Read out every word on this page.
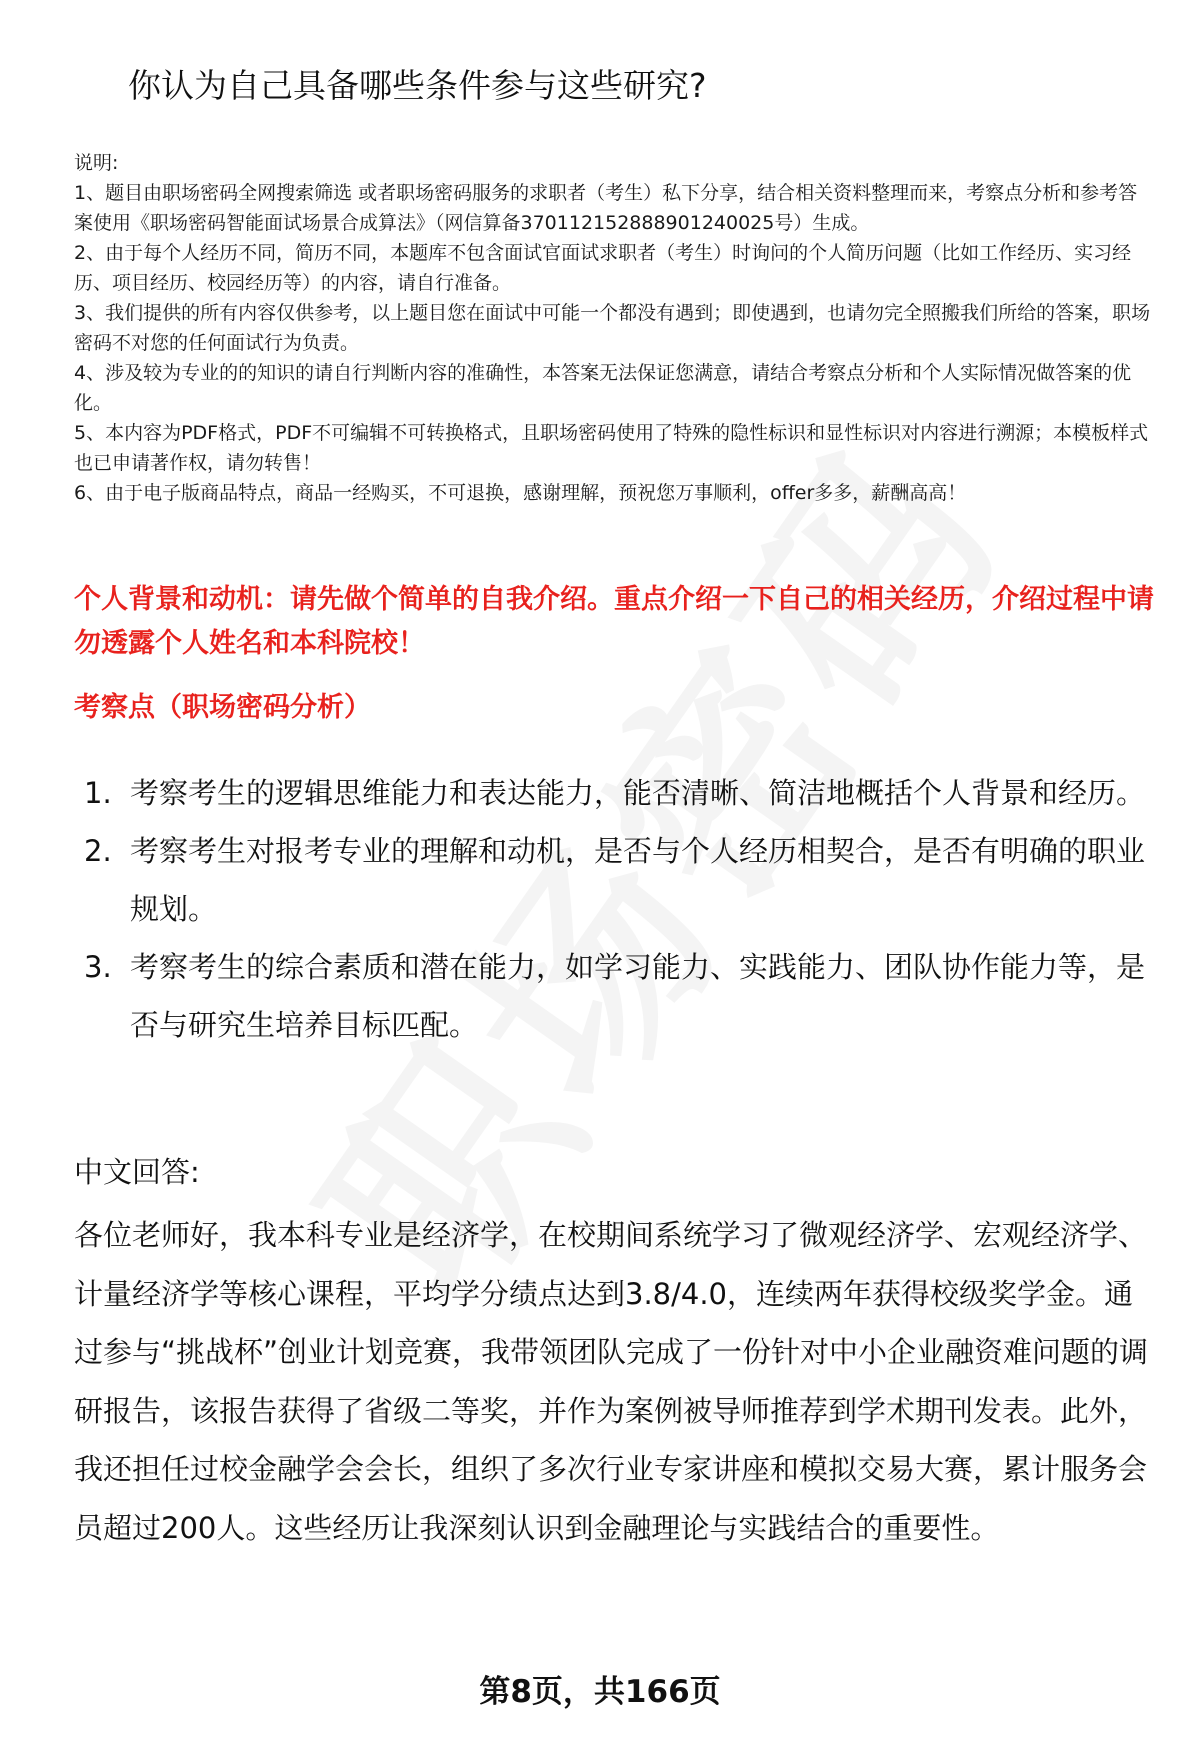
你认为自己具备哪些条件参与这些研究?
说明:
1、题目由职场密码全网搜索筛选 或者职场密码服务的求职者（考生）私下分享，结合相关资料整理而来，考察点分析和参考答案使用《职场密码智能面试场景合成算法》（网信算备370112152888901240025号）生成。
2、由于每个人经历不同，简历不同，本题库不包含面试官面试求职者（考生）时询问的个人简历问题（比如工作经历、实习经历、项目经历、校园经历等）的内容，请自行准备。
3、我们提供的所有内容仅供参考，以上题目您在面试中可能一个都没有遇到；即使遇到，也请勿完全照搬我们所给的答案，职场密码不对您的任何面试行为负责。
4、涉及较为专业的的知识的请自行判断内容的准确性，本答案无法保证您满意，请结合考察点分析和个人实际情况做答案的优化。
5、本内容为PDF格式，PDF不可编辑不可转换格式，且职场密码使用了特殊的隐性标识和显性标识对内容进行溯源；本模板样式也已申请著作权，请勿转售！
6、由于电子版商品特点，商品一经购买，不可退换，感谢理解，预祝您万事顺利，offer多多，薪酬高高！
个人背景和动机：请先做个简单的自我介绍。重点介绍一下自己的相关经历，介绍过程中请勿透露个人姓名和本科院校！
考察点（职场密码分析）
1. 考察考生的逻辑思维能力和表达能力，能否清晰、简洁地概括个人背景和经历。
2. 考察考生对报考专业的理解和动机，是否与个人经历相契合，是否有明确的职业规划。
3. 考察考生的综合素质和潜在能力，如学习能力、实践能力、团队协作能力等，是否与研究生培养目标匹配。
中文回答:
各位老师好，我本科专业是经济学，在校期间系统学习了微观经济学、宏观经济学、计量经济学等核心课程，平均学分绩点达到3.8/4.0，连续两年获得校级奖学金。通过参与“挑战杯”创业计划竞赛，我带领团队完成了一份针对中小企业融资难问题的调研报告，该报告获得了省级二等奖，并作为案例被导师推荐到学术期刊发表。此外，我还担任过校金融学会会长，组织了多次行业专家讲座和模拟交易大赛，累计服务会员超过200人。这些经历让我深刻认识到金融理论与实践结合的重要性。
第8页，共166页
